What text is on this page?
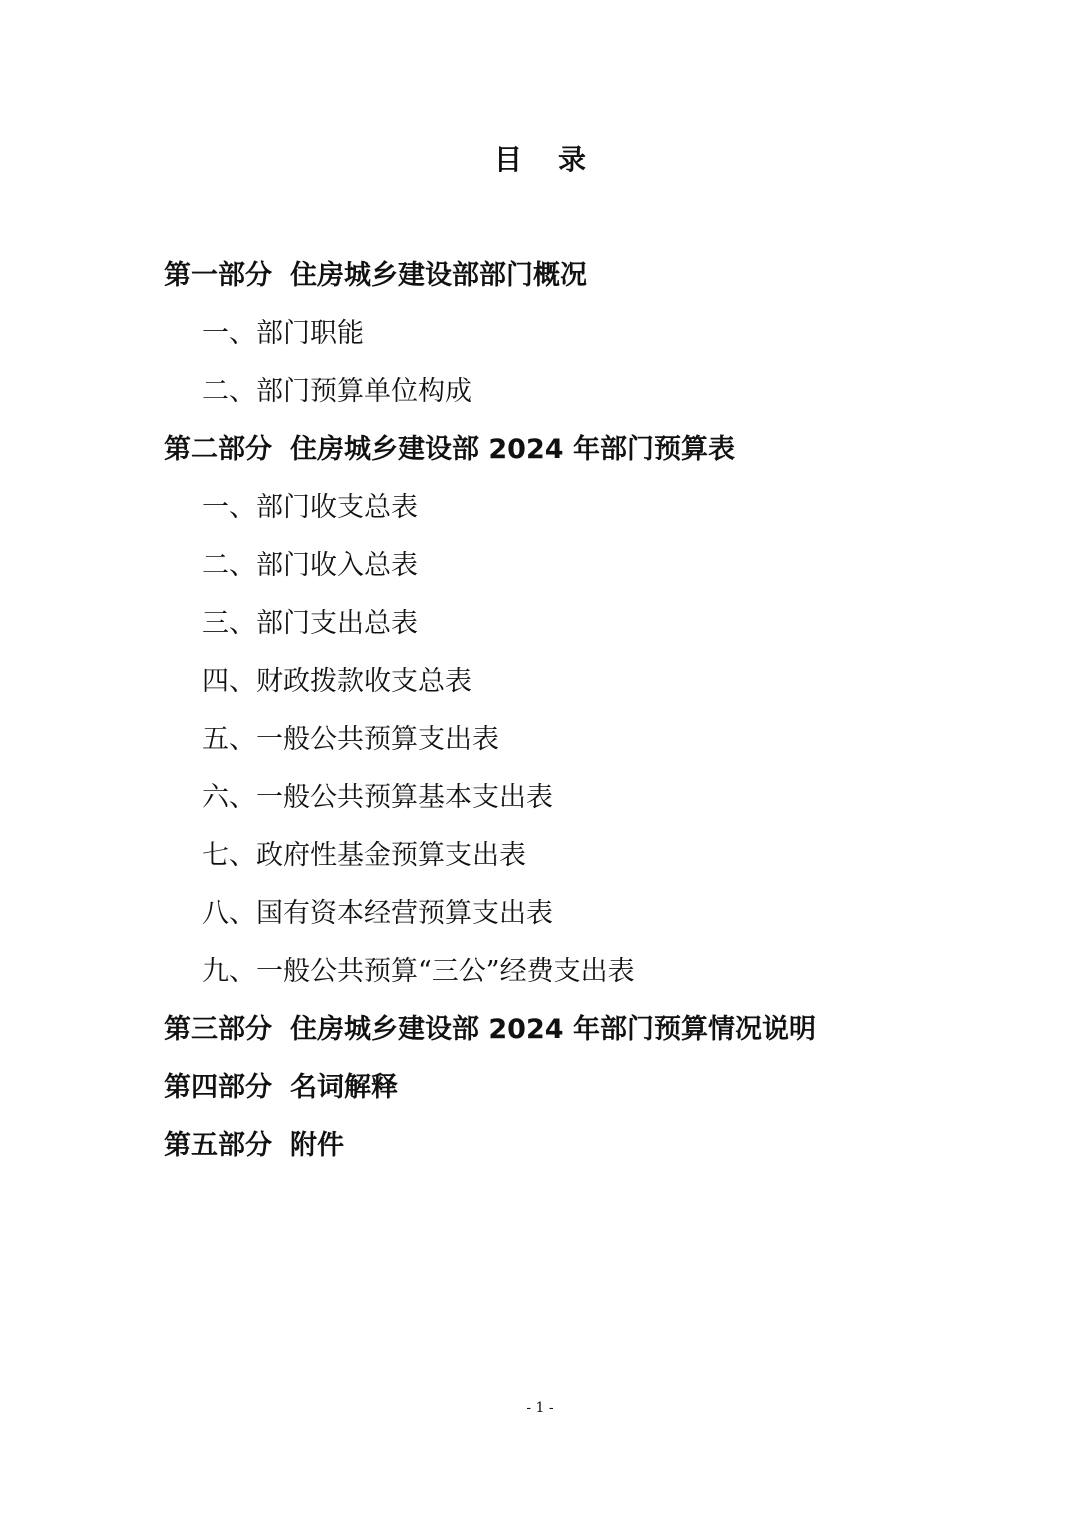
目 录
第一部分 住房城乡建设部部门概况
一、部门职能
二、部门预算单位构成
第二部分 住房城乡建设部 2024 年部门预算表
一、部门收支总表
二、部门收入总表
三、部门支出总表
四、财政拨款收支总表
五、一般公共预算支出表
六、一般公共预算基本支出表
七、政府性基金预算支出表
八、国有资本经营预算支出表
九、一般公共预算“三公”经费支出表
第三部分 住房城乡建设部 2024 年部门预算情况说明
第四部分 名词解释
第五部分 附件
- 1 -
